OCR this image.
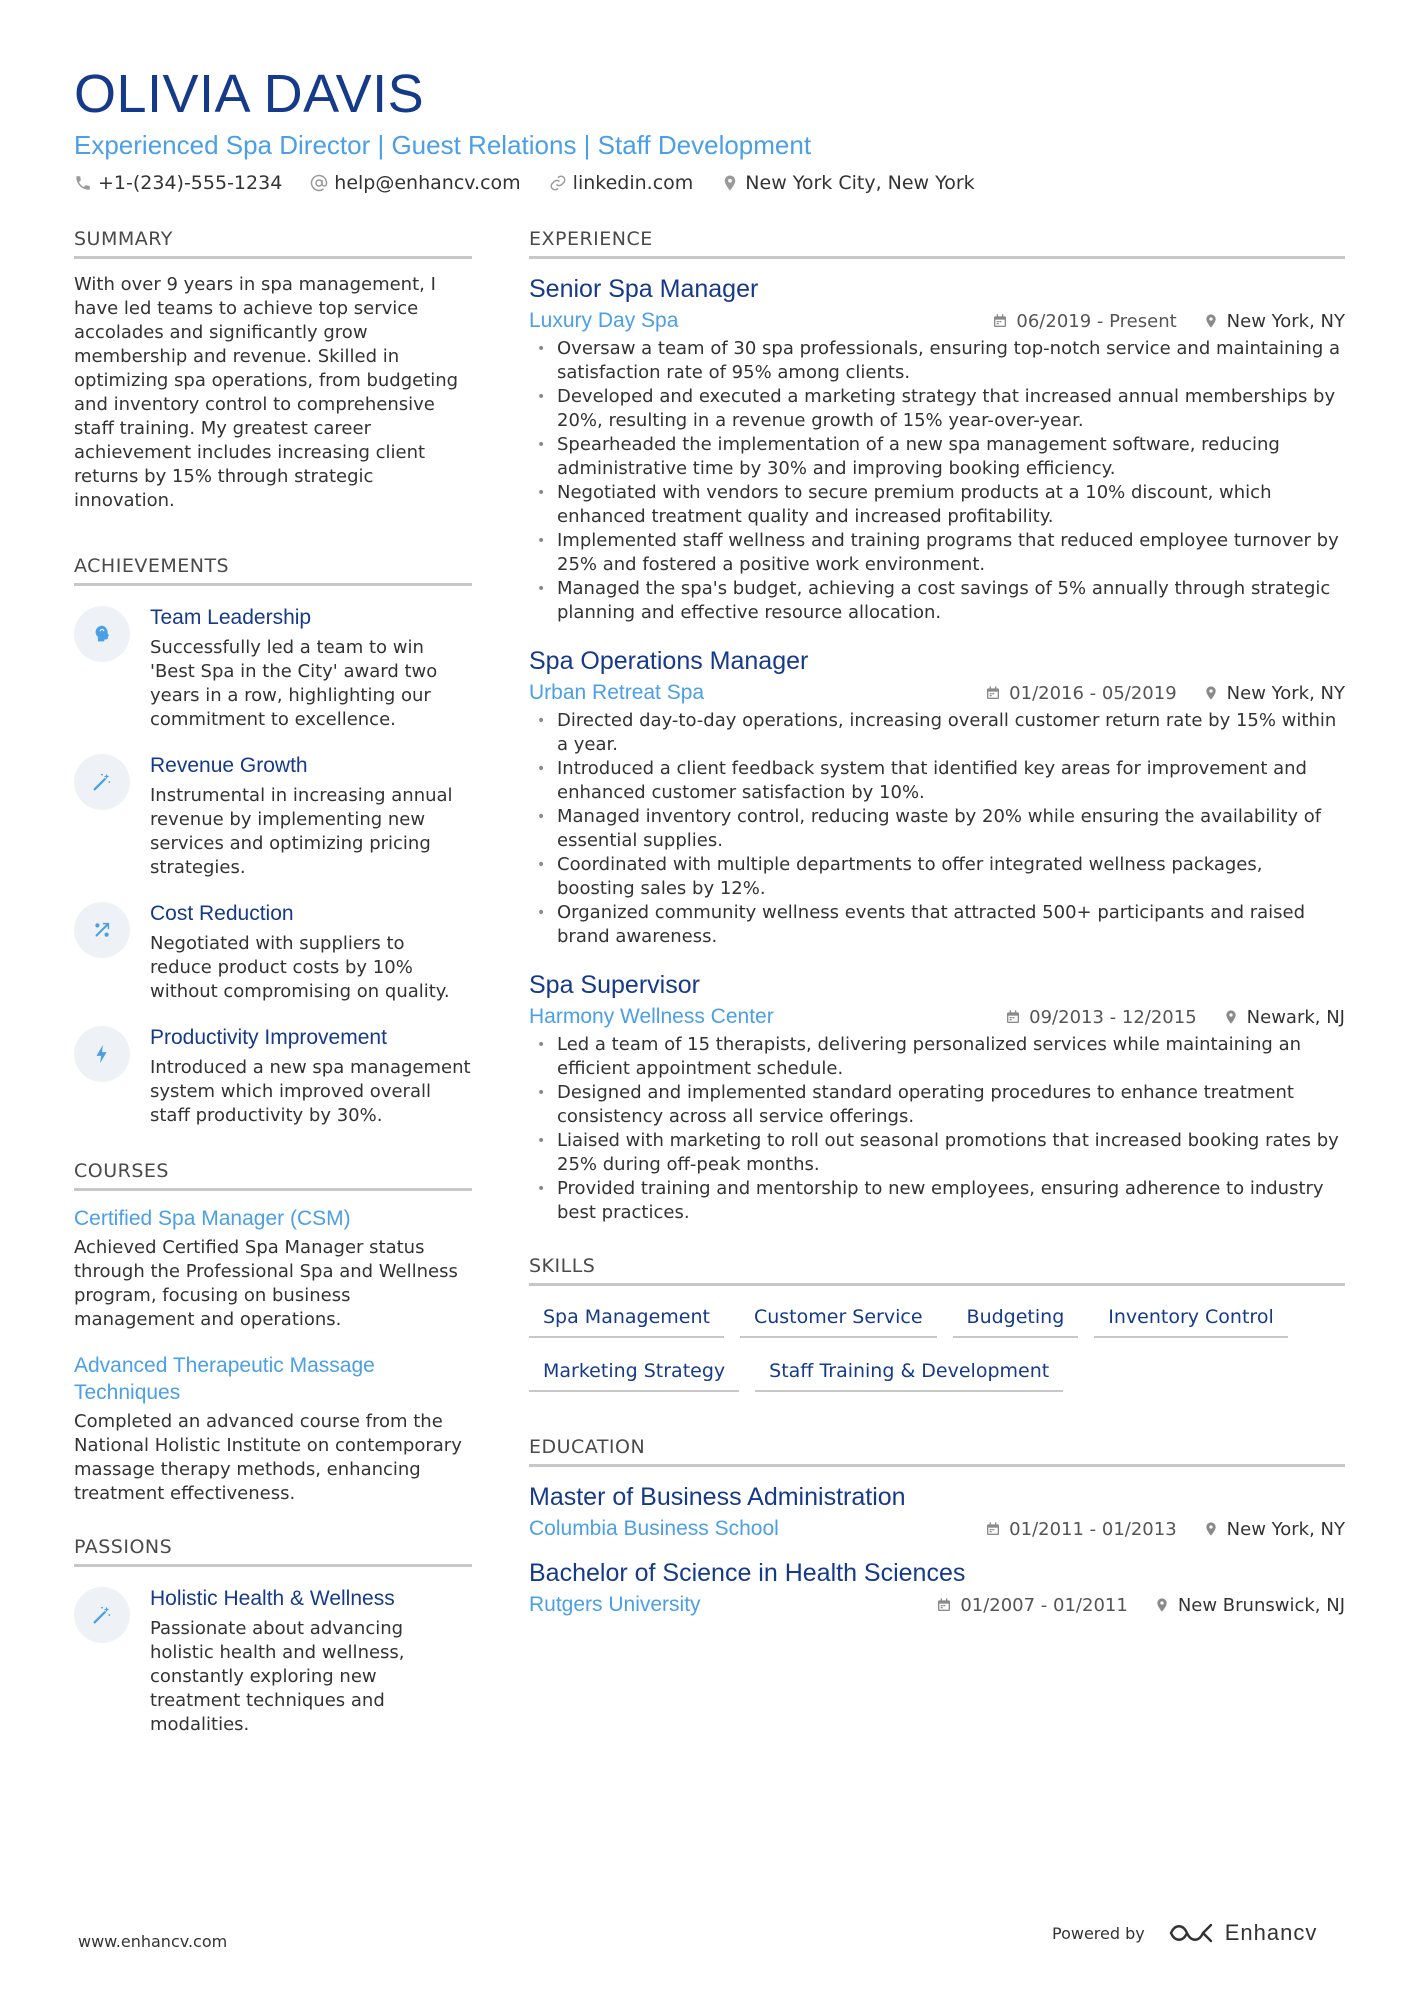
OLIVIA DAVIS
Experienced Spa Director | Guest Relations | Staff Development
+1-(234)-555-1234	help@enhancv.com	linkedin.com	New York City, New York
SUMMARY
With over 9 years in spa management, I have led teams to achieve top service accolades and significantly grow membership and revenue. Skilled in optimizing spa operations, from budgeting and inventory control to comprehensive staff training. My greatest career achievement includes increasing client returns by 15% through strategic innovation.
ACHIEVEMENTS
Team Leadership
Successfully led a team to win 'Best Spa in the City' award two years in a row, highlighting our commitment to excellence.
Revenue Growth
Instrumental in increasing annual revenue by implementing new services and optimizing pricing strategies.
Cost Reduction
Negotiated with suppliers to reduce product costs by 10% without compromising on quality.
Productivity Improvement
Introduced a new spa management system which improved overall staff productivity by 30%.
COURSES
Certified Spa Manager (CSM)
Achieved Certified Spa Manager status through the Professional Spa and Wellness program, focusing on business management and operations.
Advanced Therapeutic Massage Techniques
Completed an advanced course from the National Holistic Institute on contemporary massage therapy methods, enhancing treatment effectiveness.
PASSIONS
Holistic Health & Wellness
Passionate about advancing holistic health and wellness, constantly exploring new treatment techniques and modalities.
EXPERIENCE
Senior Spa Manager
Luxury Day Spa	06/2019 - Present	New York, NY
• Oversaw a team of 30 spa professionals, ensuring top-notch service and maintaining a satisfaction rate of 95% among clients.
• Developed and executed a marketing strategy that increased annual memberships by 20%, resulting in a revenue growth of 15% year-over-year.
• Spearheaded the implementation of a new spa management software, reducing administrative time by 30% and improving booking efficiency.
• Negotiated with vendors to secure premium products at a 10% discount, which enhanced treatment quality and increased profitability.
• Implemented staff wellness and training programs that reduced employee turnover by 25% and fostered a positive work environment.
• Managed the spa's budget, achieving a cost savings of 5% annually through strategic planning and effective resource allocation.
Spa Operations Manager
Urban Retreat Spa	01/2016 - 05/2019	New York, NY
• Directed day-to-day operations, increasing overall customer return rate by 15% within a year.
• Introduced a client feedback system that identified key areas for improvement and enhanced customer satisfaction by 10%.
• Managed inventory control, reducing waste by 20% while ensuring the availability of essential supplies.
• Coordinated with multiple departments to offer integrated wellness packages, boosting sales by 12%.
• Organized community wellness events that attracted 500+ participants and raised brand awareness.
Spa Supervisor
Harmony Wellness Center	09/2013 - 12/2015	Newark, NJ
• Led a team of 15 therapists, delivering personalized services while maintaining an efficient appointment schedule.
• Designed and implemented standard operating procedures to enhance treatment consistency across all service offerings.
• Liaised with marketing to roll out seasonal promotions that increased booking rates by 25% during off-peak months.
• Provided training and mentorship to new employees, ensuring adherence to industry best practices.
SKILLS
Spa Management	Customer Service	Budgeting	Inventory Control
Marketing Strategy	Staff Training & Development
EDUCATION
Master of Business Administration
Columbia Business School	01/2011 - 01/2013	New York, NY
Bachelor of Science in Health Sciences
Rutgers University	01/2007 - 01/2011	New Brunswick, NJ
www.enhancv.com	Powered by	Enhancv
